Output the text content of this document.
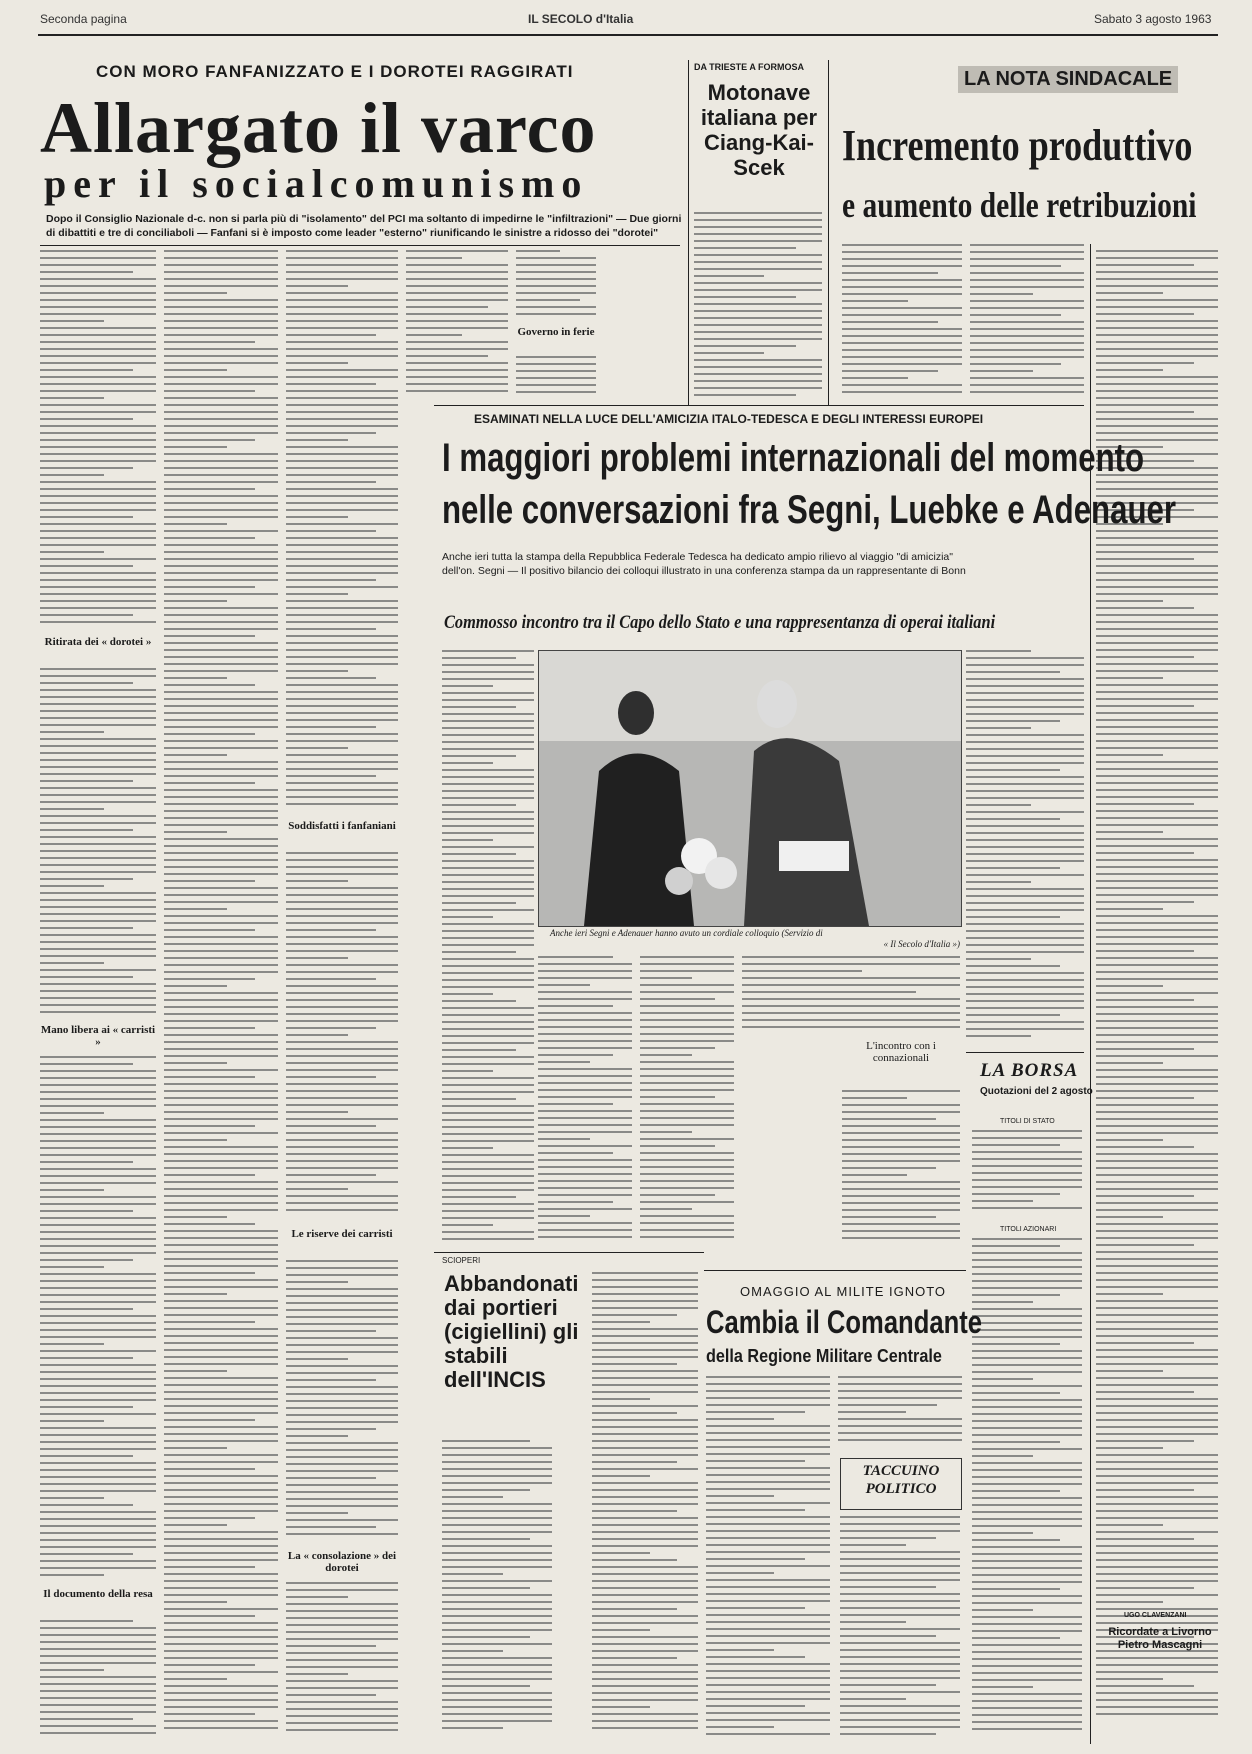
Seconda pagina	IL SECOLO d'Italia	Sabato 3 agosto 1963
CON MORO FANFANIZZATO E I DOROTEI RAGGIRATI
Allargato il varco
per il socialcomunismo
Dopo il Consiglio Nazionale d-c. non si parla più di "isolamento" del PCI ma soltanto di impedirne le "infiltrazioni" — Due giorni
di dibattiti e tre di conciliaboli — Fanfani si è imposto come leader "esterno" riunificando le sinistre a ridosso dei "dorotei"
Ritirata dei « dorotei »
Mano libera ai « carristi »
Il documento della resa
Soddisfatti i fanfaniani
Le riserve dei carristi
La « consolazione » dei dorotei
Governo in ferie
DA TRIESTE A FORMOSA
Motonave italiana per Ciang-Kai-Scek
LA NOTA SINDACALE
Incremento produttivo
e aumento delle retribuzioni
ESAMINATI NELLA LUCE DELL'AMICIZIA ITALO-TEDESCA E DEGLI INTERESSI EUROPEI
I maggiori problemi internazionali del momento
nelle conversazioni fra Segni, Luebke e Adenauer
Anche ieri tutta la stampa della Repubblica Federale Tedesca ha dedicato ampio rilievo al viaggio "di amicizia"
dell'on. Segni — Il positivo bilancio dei colloqui illustrato in una conferenza stampa da un rappresentante di Bonn
Commosso incontro tra il Capo dello Stato e una rappresentanza di operai italiani
Anche ieri Segni e Adenauer hanno avuto un cordiale colloquio (Servizio di
« Il Secolo d'Italia »)
L'incontro con i connazionali
LA BORSA
Quotazioni del 2 agosto
TITOLI DI STATO
TITOLI AZIONARI
SCIOPERI
Abbandonati dai portieri (cigiellini) gli stabili dell'INCIS
OMAGGIO AL MILITE IGNOTO
Cambia il Comandante
della Regione Militare Centrale
TACCUINO POLITICO
UGO CLAVENZANI
Ricordate a Livorno Pietro Mascagni
